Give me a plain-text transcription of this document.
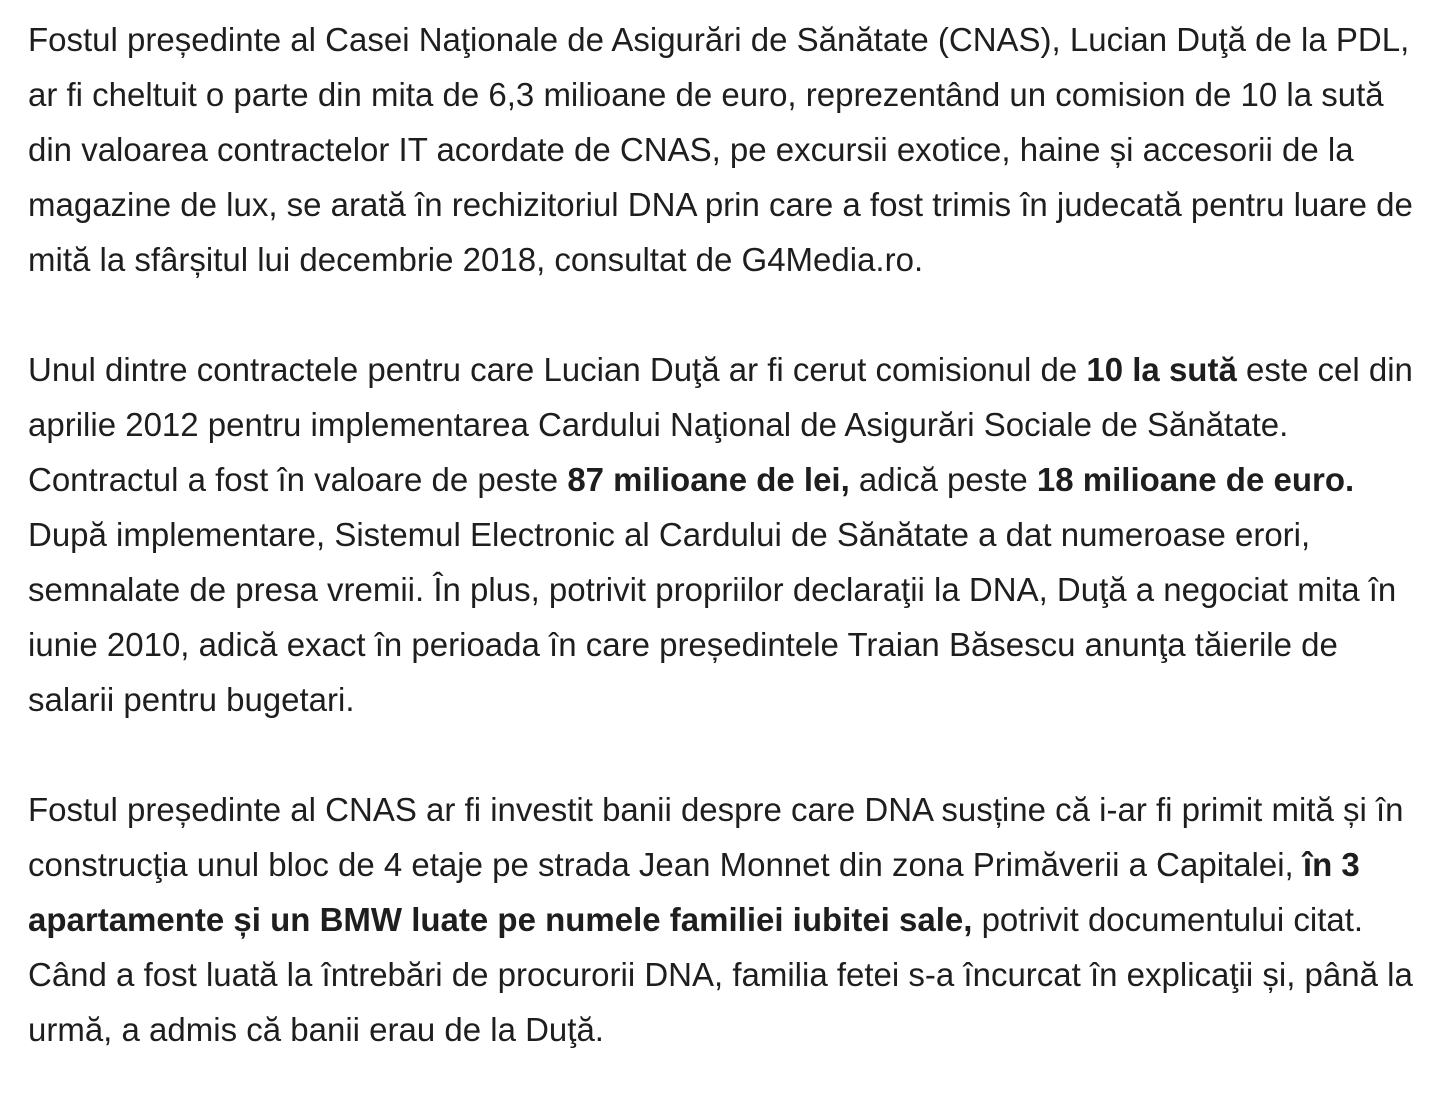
Fostul președinte al Casei Naţionale de Asigurări de Sănătate (CNAS), Lucian Duţă de la PDL, ar fi cheltuit o parte din mita de 6,3 milioane de euro, reprezentând un comision de 10 la sută din valoarea contractelor IT acordate de CNAS, pe excursii exotice, haine și accesorii de la magazine de lux, se arată în rechizitoriul DNA prin care a fost trimis în judecată pentru luare de mită la sfârșitul lui decembrie 2018, consultat de G4Media.ro.

Unul dintre contractele pentru care Lucian Duţă ar fi cerut comisionul de 10 la sută este cel din aprilie 2012 pentru implementarea Cardului Naţional de Asigurări Sociale de Sănătate. Contractul a fost în valoare de peste 87 milioane de lei, adică peste 18 milioane de euro. După implementare, Sistemul Electronic al Cardului de Sănătate a dat numeroase erori, semnalate de presa vremii. În plus, potrivit propriilor declaraţii la DNA, Duţă a negociat mita în iunie 2010, adică exact în perioada în care președintele Traian Băsescu anunţa tăierile de salarii pentru bugetari.

Fostul președinte al CNAS ar fi investit banii despre care DNA susține că i-ar fi primit mită și în construcţia unul bloc de 4 etaje pe strada Jean Monnet din zona Primăverii a Capitalei, în 3 apartamente și un BMW luate pe numele familiei iubitei sale, potrivit documentului citat. Când a fost luată la întrebări de procurorii DNA, familia fetei s-a încurcat în explicaţii și, până la urmă, a admis că banii erau de la Duţă.
